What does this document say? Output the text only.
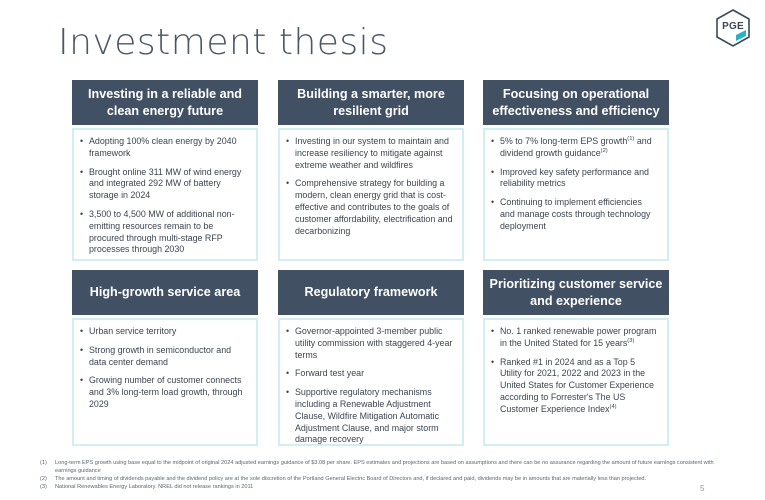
Investment thesis	PGE
Investing in a reliable and clean energy future
• Adopting 100% clean energy by 2040 framework
• Brought online 311 MW of wind energy and integrated 292 MW of battery storage in 2024
• 3,500 to 4,500 MW of additional non-emitting resources remain to be procured through multi-stage RFP processes through 2030
Building a smarter, more resilient grid
• Investing in our system to maintain and increase resiliency to mitigate against extreme weather and wildfires
• Comprehensive strategy for building a modern, clean energy grid that is cost-effective and contributes to the goals of customer affordability, electrification and decarbonizing
Focusing on operational effectiveness and efficiency
• 5% to 7% long-term EPS growth$^{(1)}$ and dividend growth guidance$^{(2)}$
• Improved key safety performance and reliability metrics
• Continuing to implement efficiencies and manage costs through technology deployment
High-growth service area
• Urban service territory
• Strong growth in semiconductor and data center demand
• Growing number of customer connects and 3% long-term load growth, through 2029
Regulatory framework
• Governor-appointed 3-member public utility commission with staggered 4-year terms
• Forward test year
• Supportive regulatory mechanisms including a Renewable Adjustment Clause, Wildfire Mitigation Automatic Adjustment Clause, and major storm damage recovery
Prioritizing customer service and experience
• No. 1 ranked renewable power program in the United Stated for 15 years$^{(3)}$
• Ranked #1 in 2024 and as a Top 5 Utility for 2021, 2022 and 2023 in the United States for Customer Experience according to Forrester's The US Customer Experience Index$^{(4)}$
(1)	Long-term EPS growth using base equal to the midpoint of original 2024 adjusted earnings guidance of $3.08 per share. EPS estimates and projections are based on assumptions and there can be no assurance regarding the amount of future earnings consistent with earnings guidance
(2)	The amount and timing of dividends payable and the dividend policy are at the sole discretion of the Portland General Electric Board of Directors and, if declared and paid, dividends may be in amounts that are materially less than projected.
(3)	National Renewables Energy Laboratory. NREL did not release rankings in 2011	5
